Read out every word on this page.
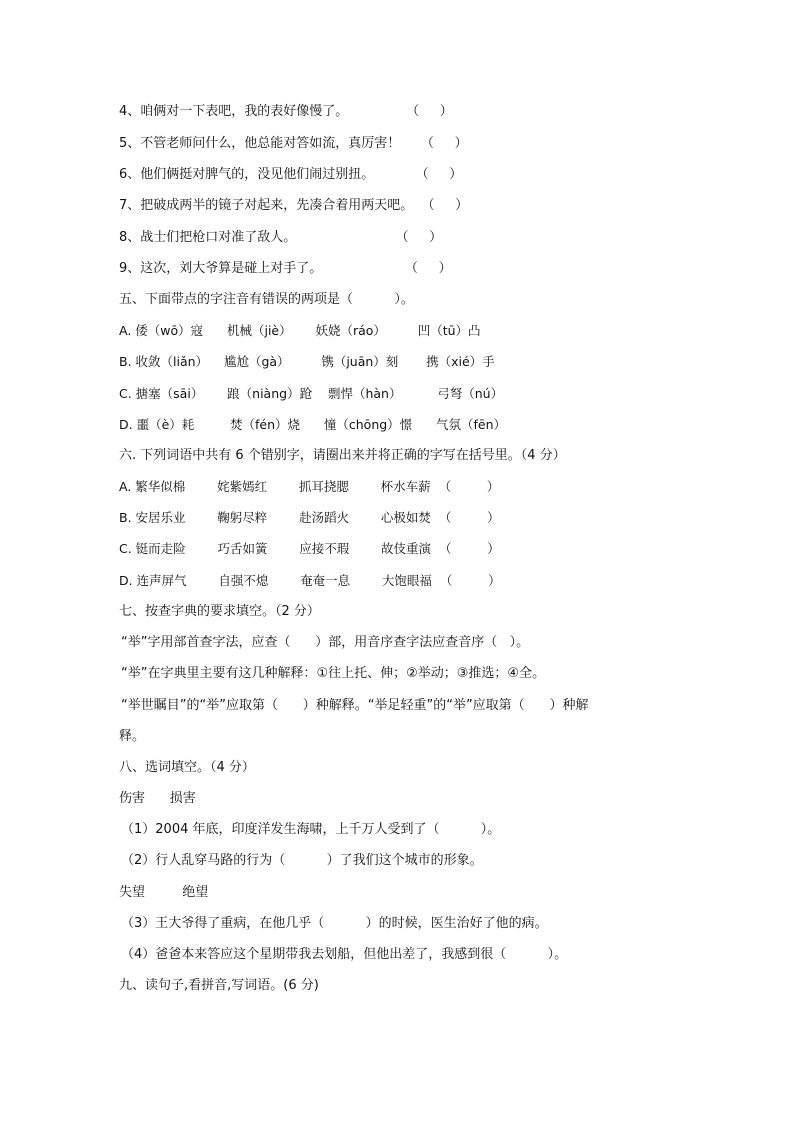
4、咱俩对一下表吧，我的表好像慢了。              （     ）
5、不管老师问什么，他总能对答如流，真厉害！     （     ）
6、他们俩挺对脾气的，没见他们闹过别扭。          （     ）
7、把破成两半的镜子对起来，先凑合着用两天吧。  （     ）
8、战士们把枪口对准了敌人。                        （     ）
9、这次，刘大爷算是碰上对手了。                    （     ）
五、下面带点的字注音有错误的两项是（          ）。
A. 倭（wō）寇      机械（jiè）      妖娆（ráo）        凹（tū）凸
B. 收敛（liǎn）    尴尬（gà）        镌（juān）刻       携（xié）手
C. 搪塞（sāi）      踉（niàng）跄    剽悍（hàn）         弓弩（nú）
D. 噩（è）耗         焚（fén）烧      憧（chōng）憬      气氛（fēn）
六. 下列词语中共有 6 个错别字，请圈出来并将正确的字写在括号里。（4 分）
A. 繁华似棉        姹紫嫣红        抓耳挠腮        杯水车薪  （         ）
B. 安居乐业        鞠躬尽粹        赴汤蹈火        心极如焚  （         ）
C. 铤而走险        巧舌如簧        应接不瑕        故伎重演  （         ）
D. 连声屏气        自强不熄        奄奄一息        大饱眼福  （         ）
七、按查字典的要求填空。（2 分）
“举”字用部首查字法，应查（      ）部，用音序查字法应查音序（   ）。
“举”在字典里主要有这几种解释：①往上托、伸；②举动；③推选；④全。
“举世瞩目”的“举”应取第（      ）种解释。“举足轻重”的“举”应取第（      ）种解
释。
八、选词填空。（4 分）
伤害      损害
（1）2004 年底，印度洋发生海啸，上千万人受到了（          ）。
（2）行人乱穿马路的行为（          ）了我们这个城市的形象。
失望         绝望
（3）王大爷得了重病，在他几乎（          ）的时候，医生治好了他的病。
（4）爸爸本来答应这个星期带我去划船，但他出差了，我感到很（          ）。
九、读句子,看拼音,写词语。(6 分)
